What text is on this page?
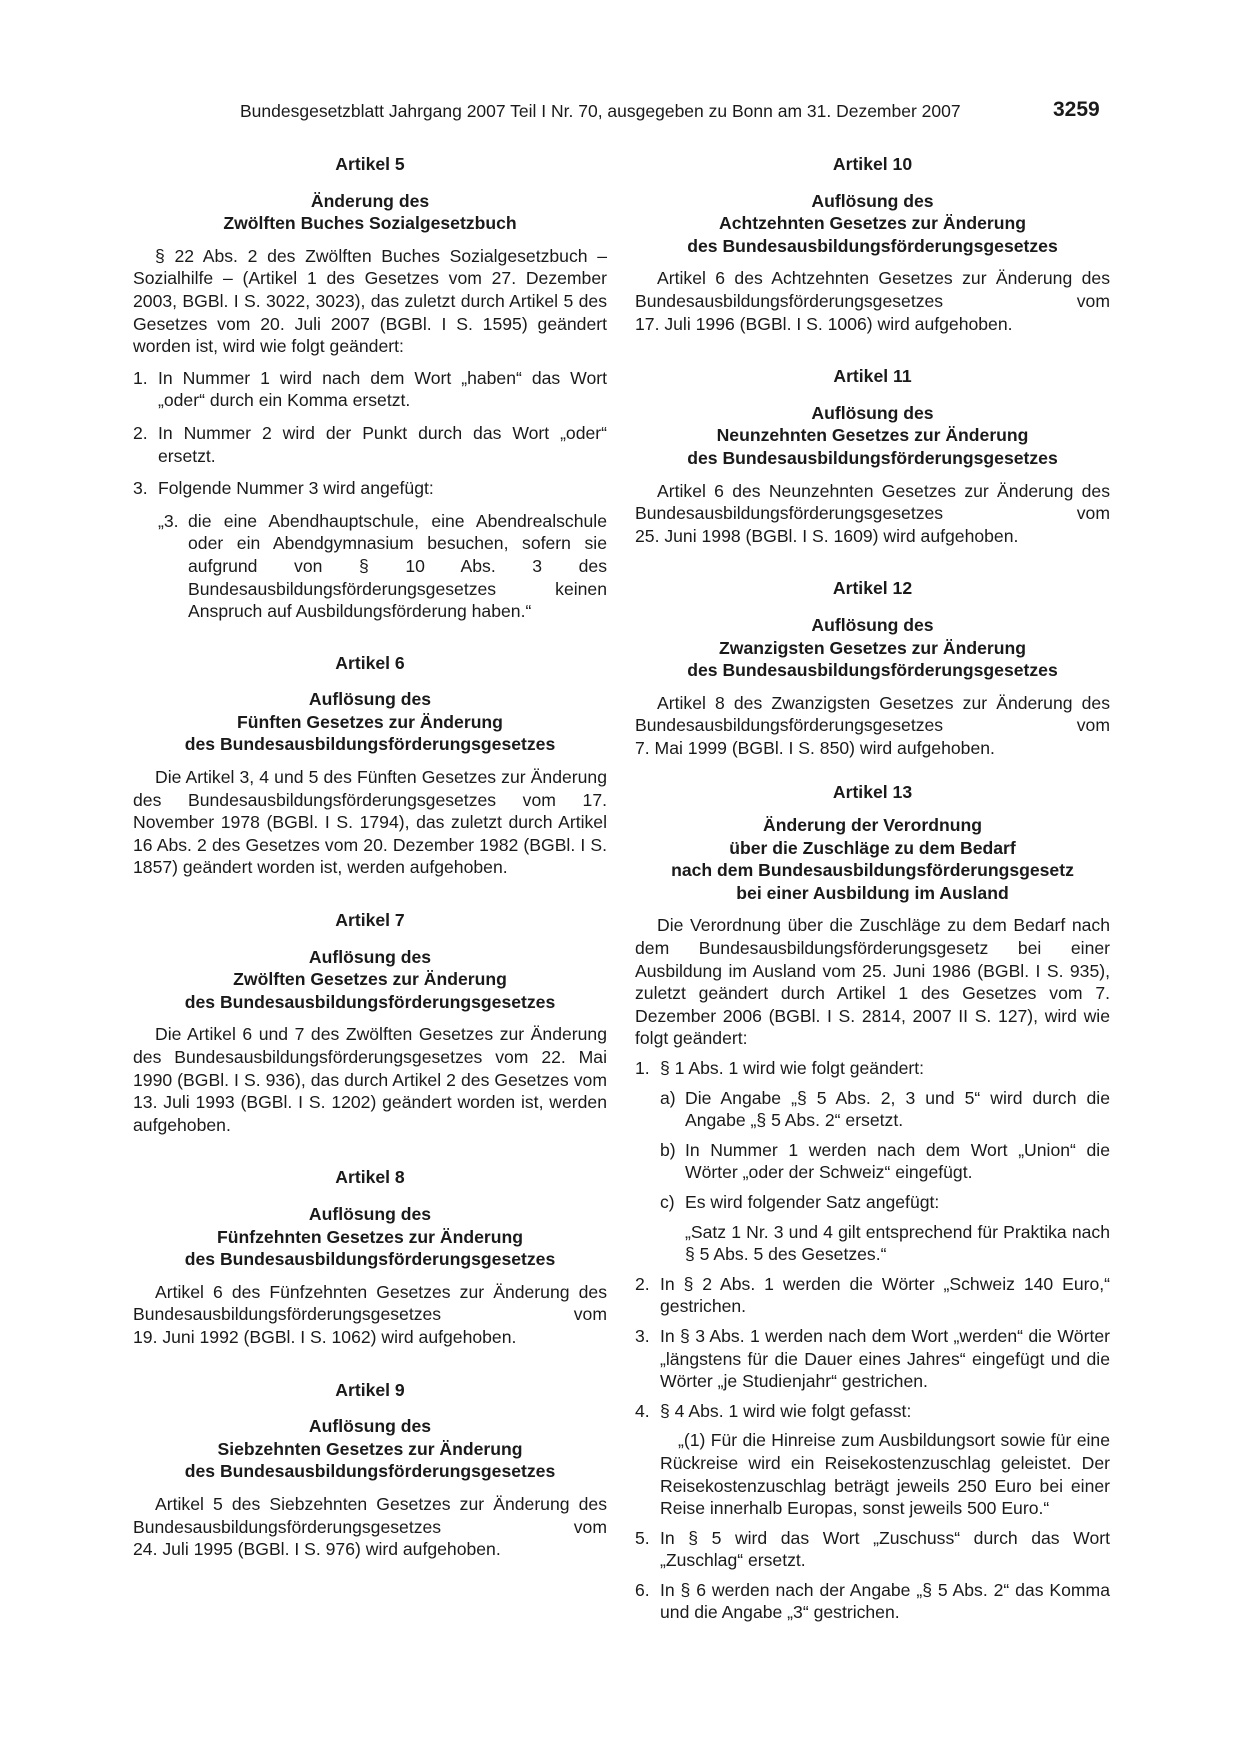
Bundesgesetzblatt Jahrgang 2007 Teil I Nr. 70, ausgegeben zu Bonn am 31. Dezember 2007	3259

Artikel 5

Änderung des
Zwölften Buches Sozialgesetzbuch

§ 22 Abs. 2 des Zwölften Buches Sozialgesetzbuch – Sozialhilfe – (Artikel 1 des Gesetzes vom 27. Dezember 2003, BGBl. I S. 3022, 3023), das zuletzt durch Artikel 5 des Gesetzes vom 20. Juli 2007 (BGBl. I S. 1595) geändert worden ist, wird wie folgt geändert:

1. In Nummer 1 wird nach dem Wort „haben“ das Wort „oder“ durch ein Komma ersetzt.
2. In Nummer 2 wird der Punkt durch das Wort „oder“ ersetzt.
3. Folgende Nummer 3 wird angefügt:
„3. die eine Abendhauptschule, eine Abendrealschule oder ein Abendgymnasium besuchen, sofern sie aufgrund von § 10 Abs. 3 des Bundesausbildungsförderungsgesetzes keinen Anspruch auf Ausbildungsförderung haben.“

Artikel 6

Auflösung des
Fünften Gesetzes zur Änderung
des Bundesausbildungsförderungsgesetzes

Die Artikel 3, 4 und 5 des Fünften Gesetzes zur Änderung des Bundesausbildungsförderungsgesetzes vom 17. November 1978 (BGBl. I S. 1794), das zuletzt durch Artikel 16 Abs. 2 des Gesetzes vom 20. Dezember 1982 (BGBl. I S. 1857) geändert worden ist, werden aufgehoben.

Artikel 7

Auflösung des
Zwölften Gesetzes zur Änderung
des Bundesausbildungsförderungsgesetzes

Die Artikel 6 und 7 des Zwölften Gesetzes zur Änderung des Bundesausbildungsförderungsgesetzes vom 22. Mai 1990 (BGBl. I S. 936), das durch Artikel 2 des Gesetzes vom 13. Juli 1993 (BGBl. I S. 1202) geändert worden ist, werden aufgehoben.

Artikel 8

Auflösung des
Fünfzehnten Gesetzes zur Änderung
des Bundesausbildungsförderungsgesetzes

Artikel 6 des Fünfzehnten Gesetzes zur Änderung des Bundesausbildungsförderungsgesetzes vom

19. Juni 1992 (BGBl. I S. 1062) wird aufgehoben.

Artikel 9

Auflösung des
Siebzehnten Gesetzes zur Änderung
des Bundesausbildungsförderungsgesetzes

Artikel 5 des Siebzehnten Gesetzes zur Änderung des Bundesausbildungsförderungsgesetzes vom

24. Juli 1995 (BGBl. I S. 976) wird aufgehoben.

Artikel 10

Auflösung des
Achtzehnten Gesetzes zur Änderung
des Bundesausbildungsförderungsgesetzes

Artikel 6 des Achtzehnten Gesetzes zur Änderung des Bundesausbildungsförderungsgesetzes vom

17. Juli 1996 (BGBl. I S. 1006) wird aufgehoben.

Artikel 11

Auflösung des
Neunzehnten Gesetzes zur Änderung
des Bundesausbildungsförderungsgesetzes

Artikel 6 des Neunzehnten Gesetzes zur Änderung des Bundesausbildungsförderungsgesetzes vom

25. Juni 1998 (BGBl. I S. 1609) wird aufgehoben.

Artikel 12

Auflösung des
Zwanzigsten Gesetzes zur Änderung
des Bundesausbildungsförderungsgesetzes

Artikel 8 des Zwanzigsten Gesetzes zur Änderung des Bundesausbildungsförderungsgesetzes vom

7. Mai 1999 (BGBl. I S. 850) wird aufgehoben.

Artikel 13

Änderung der Verordnung
über die Zuschläge zu dem Bedarf
nach dem Bundesausbildungsförderungsgesetz
bei einer Ausbildung im Ausland

Die Verordnung über die Zuschläge zu dem Bedarf nach dem Bundesausbildungsförderungsgesetz bei einer Ausbildung im Ausland vom 25. Juni 1986 (BGBl. I S. 935), zuletzt geändert durch Artikel 1 des Gesetzes vom 7. Dezember 2006 (BGBl. I S. 2814, 2007 II S. 127), wird wie folgt geändert:

1. § 1 Abs. 1 wird wie folgt geändert:
a) Die Angabe „§ 5 Abs. 2, 3 und 5“ wird durch die Angabe „§ 5 Abs. 2“ ersetzt.
b) In Nummer 1 werden nach dem Wort „Union“ die Wörter „oder der Schweiz“ eingefügt.
c) Es wird folgender Satz angefügt:

„Satz 1 Nr. 3 und 4 gilt entsprechend für Praktika nach § 5 Abs. 5 des Gesetzes.“

2. In § 2 Abs. 1 werden die Wörter „Schweiz 140 Euro,“ gestrichen.
3. In § 3 Abs. 1 werden nach dem Wort „werden“ die Wörter „längstens für die Dauer eines Jahres“ eingefügt und die Wörter „je Studienjahr“ gestrichen.
4. § 4 Abs. 1 wird wie folgt gefasst:

„(1) Für die Hinreise zum Ausbildungsort sowie für eine Rückreise wird ein Reisekostenzuschlag geleistet. Der Reisekostenzuschlag beträgt jeweils 250 Euro bei einer Reise innerhalb Europas, sonst jeweils 500 Euro.“

5. In § 5 wird das Wort „Zuschuss“ durch das Wort „Zuschlag“ ersetzt.
6. In § 6 werden nach der Angabe „§ 5 Abs. 2“ das Komma und die Angabe „3“ gestrichen.
